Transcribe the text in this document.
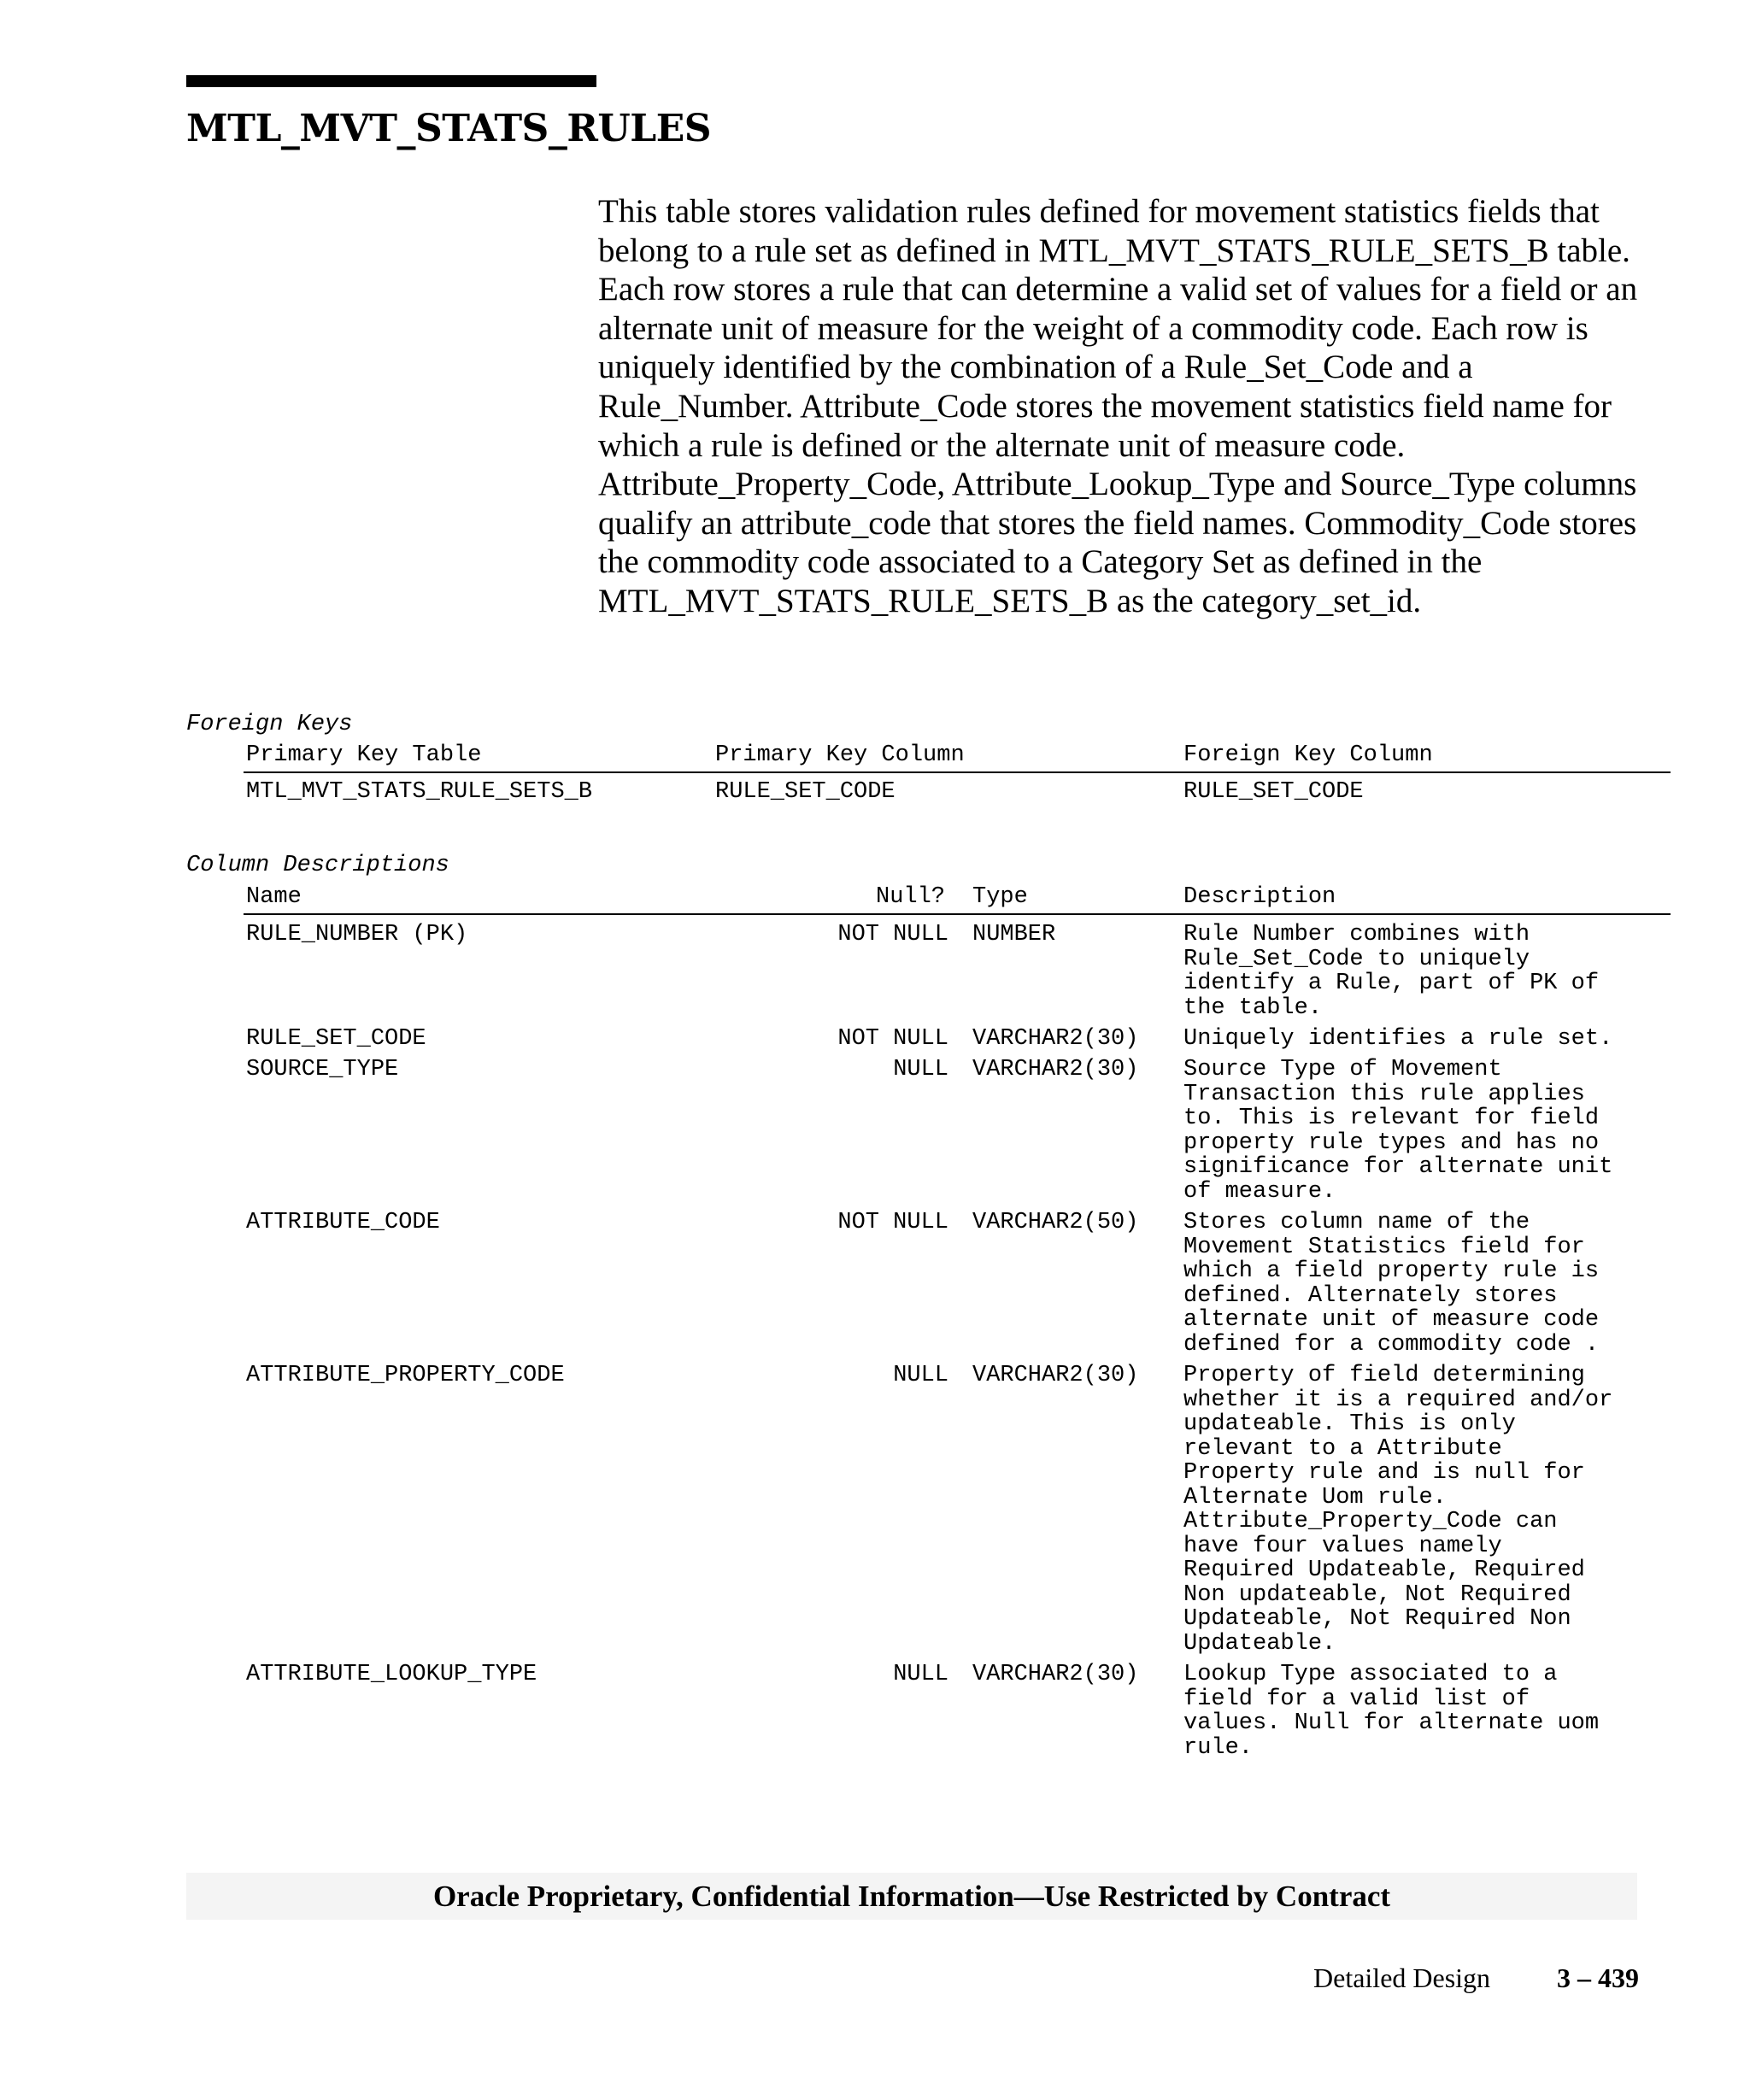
MTL_MVT_STATS_RULES

This table stores validation rules defined for movement statistics fields that belong to a rule set as defined in MTL_MVT_STATS_RULE_SETS_B table. Each row stores a rule that can determine a valid set of values for a field or an alternate unit of measure for the weight of a commodity code. Each row is uniquely identified by the combination of a Rule_Set_Code and a Rule_Number. Attribute_Code stores the movement statistics field name for which a rule is defined or the alternate unit of measure code. Attribute_Property_Code, Attribute_Lookup_Type and Source_Type columns qualify an attribute_code that stores the field names. Commodity_Code stores the commodity code associated to a Category Set as defined in the MTL_MVT_STATS_RULE_SETS_B as the category_set_id.

Foreign Keys

Primary Key Table	Primary Key Column	Foreign Key Column
MTL_MVT_STATS_RULE_SETS_B	RULE_SET_CODE	RULE_SET_CODE

Column Descriptions

Name	Null? Type	Description
RULE_NUMBER (PK)	NOT NULL NUMBER	Rule Number combines with
Rule_Set_Code to uniquely
identify a Rule, part of PK of
the table.
RULE_SET_CODE	NOT NULL VARCHAR2(30) Uniquely identifies a rule set.
SOURCE_TYPE	NULL VARCHAR2(30) Source Type of Movement
Transaction this rule applies
to. This is relevant for field
property rule types and has no
significance for alternate unit
of measure.
ATTRIBUTE_CODE	NOT NULL VARCHAR2(50) Stores column name of the
Movement Statistics field for
which a field property rule is
defined. Alternately stores
alternate unit of measure code
defined for a commodity code .
ATTRIBUTE_PROPERTY_CODE	NULL VARCHAR2(30) Property of field determining
whether it is a required and/or
updateable. This is only
relevant to a Attribute
Property rule and is null for
Alternate Uom rule.
Attribute_Property_Code can
have four values namely
Required Updateable, Required
Non updateable, Not Required
Updateable, Not Required Non
Updateable.
ATTRIBUTE_LOOKUP_TYPE	NULL VARCHAR2(30) Lookup Type associated to a
field for a valid list of
values. Null for alternate uom
rule.
Oracle Proprietary, Confidential Information––Use Restricted by Contract
Detailed Design 3 – 439
